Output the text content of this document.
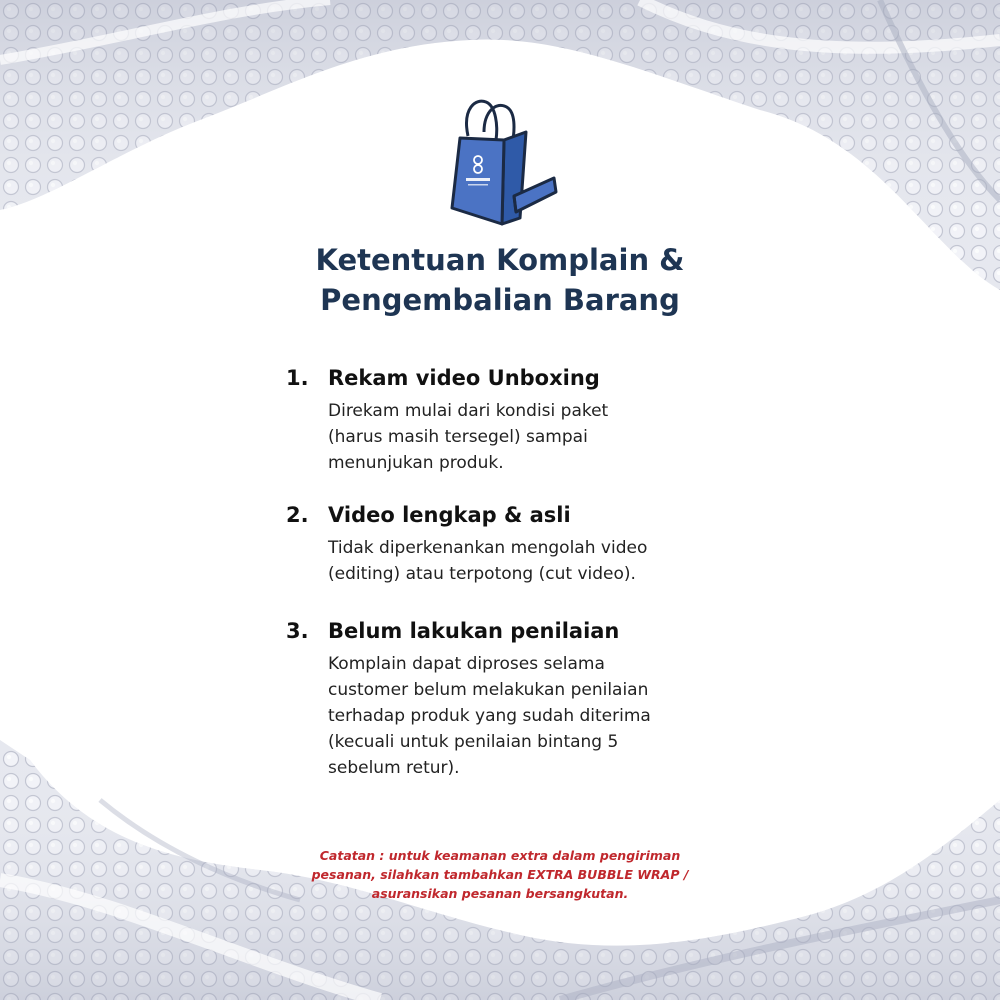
Ketentuan Komplain &
Pengembalian Barang
1. Rekam video Unboxing
Direkam mulai dari kondisi paket
(harus masih tersegel) sampai
menunjukan produk.
2. Video lengkap & asli
Tidak diperkenankan mengolah video
(editing) atau terpotong (cut video).
3. Belum lakukan penilaian
Komplain dapat diproses selama
customer belum melakukan penilaian
terhadap produk yang sudah diterima
(kecuali untuk penilaian bintang 5
sebelum retur).
Catatan : untuk keamanan extra dalam pengiriman
pesanan, silahkan tambahkan EXTRA BUBBLE WRAP /
asuransikan pesanan bersangkutan.
